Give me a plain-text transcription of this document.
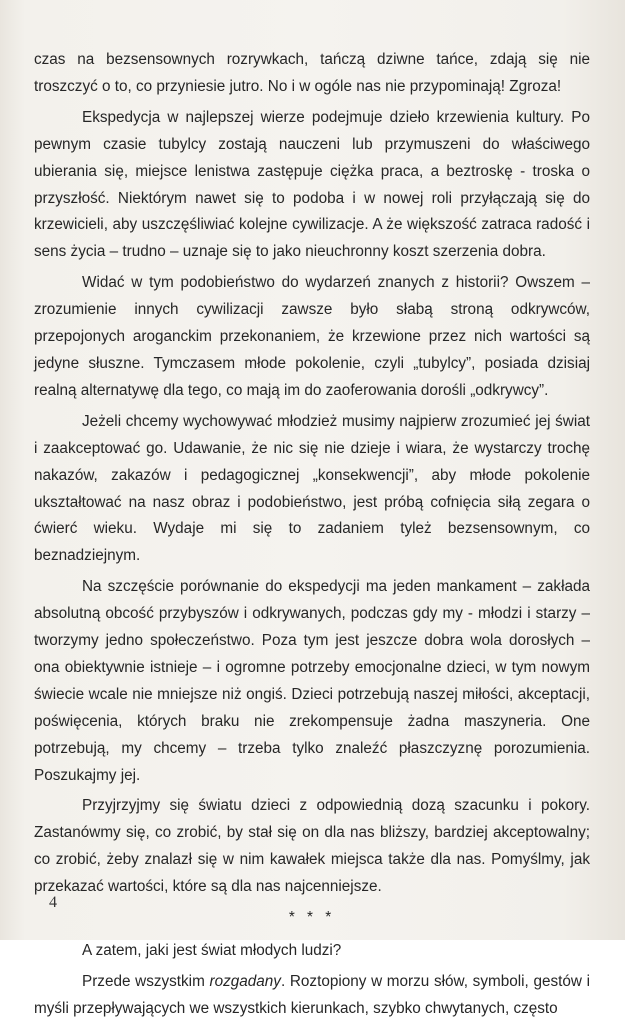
czas na bezsensownych rozrywkach, tańczą dziwne tańce, zdają się nie troszczyć o to, co przyniesie jutro. No i w ogóle nas nie przypominają! Zgroza!

Ekspedycja w najlepszej wierze podejmuje dzieło krzewienia kultury. Po pewnym czasie tubylcy zostają nauczeni lub przymuszeni do właściwego ubierania się, miejsce lenistwa zastępuje ciężka praca, a beztroskę - troska o przyszłość. Niektórym nawet się to podoba i w nowej roli przyłączają się do krzewicieli, aby uszczęśliwiać kolejne cywilizacje. A że większość zatraca radość i sens życia – trudno – uznaje się to jako nieuchronny koszt szerzenia dobra.

Widać w tym podobieństwo do wydarzeń znanych z historii? Owszem – zrozumienie innych cywilizacji zawsze było słabą stroną odkrywców, przepojonych aroganckim przekonaniem, że krzewione przez nich wartości są jedyne słuszne. Tymczasem młode pokolenie, czyli „tubylcy”, posiada dzisiaj realną alternatywę dla tego, co mają im do zaoferowania dorośli „odkrywcy”.

Jeżeli chcemy wychowywać młodzież musimy najpierw zrozumieć jej świat i zaakceptować go. Udawanie, że nic się nie dzieje i wiara, że wystarczy trochę nakazów, zakazów i pedagogicznej „konsekwencji”, aby młode pokolenie ukształtować na nasz obraz i podobieństwo, jest próbą cofnięcia siłą zegara o ćwierć wieku. Wydaje mi się to zadaniem tyleż bezsensownym, co beznadziejnym.

Na szczęście porównanie do ekspedycji ma jeden mankament – zakłada absolutną obcość przybyszów i odkrywanych, podczas gdy my - młodzi i starzy – tworzymy jedno społeczeństwo. Poza tym jest jeszcze dobra wola dorosłych – ona obiektywnie istnieje – i ogromne potrzeby emocjonalne dzieci, w tym nowym świecie wcale nie mniejsze niż ongiś. Dzieci potrzebują naszej miłości, akceptacji, poświęcenia, których braku nie zrekompensuje żadna maszyneria. One potrzebują, my chcemy – trzeba tylko znaleźć płaszczyznę porozumienia. Poszukajmy jej.

Przyjrzyjmy się światu dzieci z odpowiednią dozą szacunku i pokory. Zastanówmy się, co zrobić, by stał się on dla nas bliższy, bardziej akceptowalny; co zrobić, żeby znalazł się w nim kawałek miejsca także dla nas. Pomyślmy, jak przekazać wartości, które są dla nas najcenniejsze.

* * *

A zatem, jaki jest świat młodych ludzi?

Przede wszystkim rozgadany. Roztopiony w morzu słów, symboli, gestów i myśli przepływających we wszystkich kierunkach, szybko chwytanych, często

4
